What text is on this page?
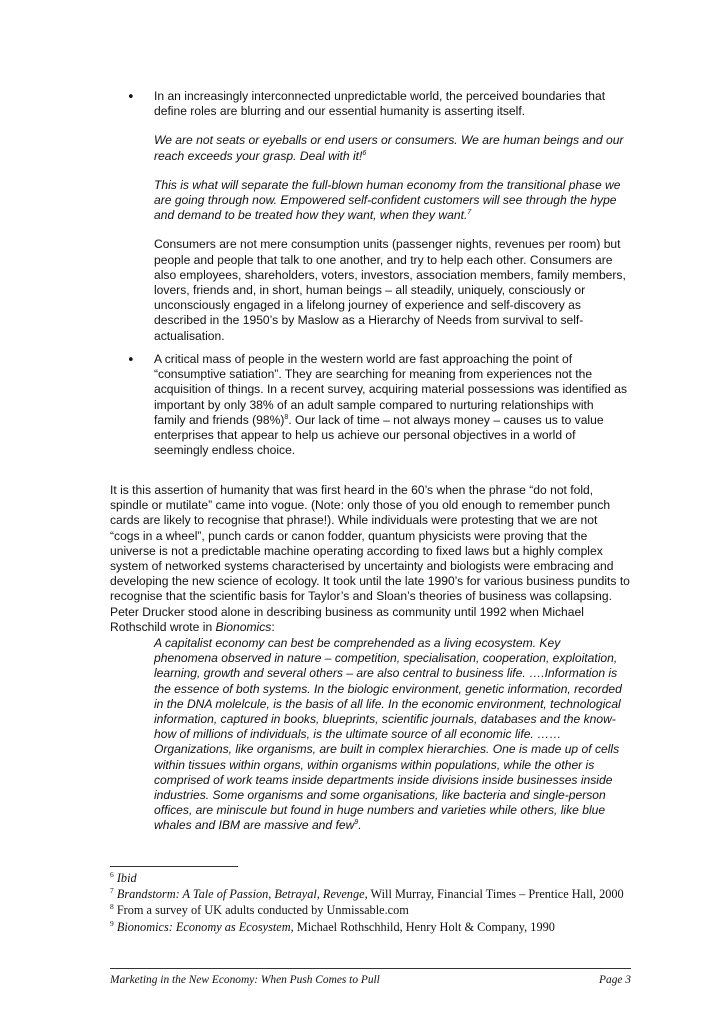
• In an increasingly interconnected unpredictable world, the perceived boundaries that define roles are blurring and our essential humanity is asserting itself.

We are not seats or eyeballs or end users or consumers. We are human beings and our reach exceeds your grasp. Deal with it!$^6$

This is what will separate the full-blown human economy from the transitional phase we are going through now. Empowered self-confident customers will see through the hype and demand to be treated how they want, when they want.$^7$

Consumers are not mere consumption units (passenger nights, revenues per room) but people and people that talk to one another, and try to help each other. Consumers are also employees, shareholders, voters, investors, association members, family members, lovers, friends and, in short, human beings – all steadily, uniquely, consciously or unconsciously engaged in a lifelong journey of experience and self-discovery as described in the 1950’s by Maslow as a Hierarchy of Needs from survival to self-actualisation.

• A critical mass of people in the western world are fast approaching the point of “consumptive satiation”. They are searching for meaning from experiences not the acquisition of things. In a recent survey, acquiring material possessions was identified as important by only 38% of an adult sample compared to nurturing relationships with family and friends $(98\%)^8$. Our lack of time – not always money – causes us to value enterprises that appear to help us achieve our personal objectives in a world of seemingly endless choice.

It is this assertion of humanity that was first heard in the 60’s when the phrase “do not fold, spindle or mutilate” came into vogue. (Note: only those of you old enough to remember punch cards are likely to recognise that phrase!). While individuals were protesting that we are not “cogs in a wheel”, punch cards or canon fodder, quantum physicists were proving that the universe is not a predictable machine operating according to fixed laws but a highly complex system of networked systems characterised by uncertainty and biologists were embracing and developing the new science of ecology. It took until the late 1990’s for various business pundits to recognise that the scientific basis for Taylor’s and Sloan’s theories of business was collapsing. Peter Drucker stood alone in describing business as community until 1992 when Michael Rothschild wrote in Bionomics:

A capitalist economy can best be comprehended as a living ecosystem. Key phenomena observed in nature – competition, specialisation, cooperation, exploitation, learning, growth and several others – are also central to business life. ….Information is the essence of both systems. In the biologic environment, genetic information, recorded in the DNA molelcule, is the basis of all life. In the economic environment, technological information, captured in books, blueprints, scientific journals, databases and the know-how of millions of individuals, is the ultimate source of all economic life. ……Organizations, like organisms, are built in complex hierarchies. One is made up of cells within tissues within organs, within organisms within populations, while the other is comprised of work teams inside departments inside divisions inside businesses inside industries. Some organisms and some organisations, like bacteria and single-person offices, are miniscule but found in huge numbers and varieties while others, like blue whales and IBM are massive and few$^9$.

$^6$ Ibid
$^7$ Brandstorm: A Tale of Passion, Betrayal, Revenge, Will Murray, Financial Times – Prentice Hall, 2000
$^8$ From a survey of UK adults conducted by Unmissable.com
$^9$ Bionomics: Economy as Ecosystem, Michael Rothschhild, Henry Holt & Company, 1990
Marketing in the New Economy: When Push Comes to Pull	Page 3
